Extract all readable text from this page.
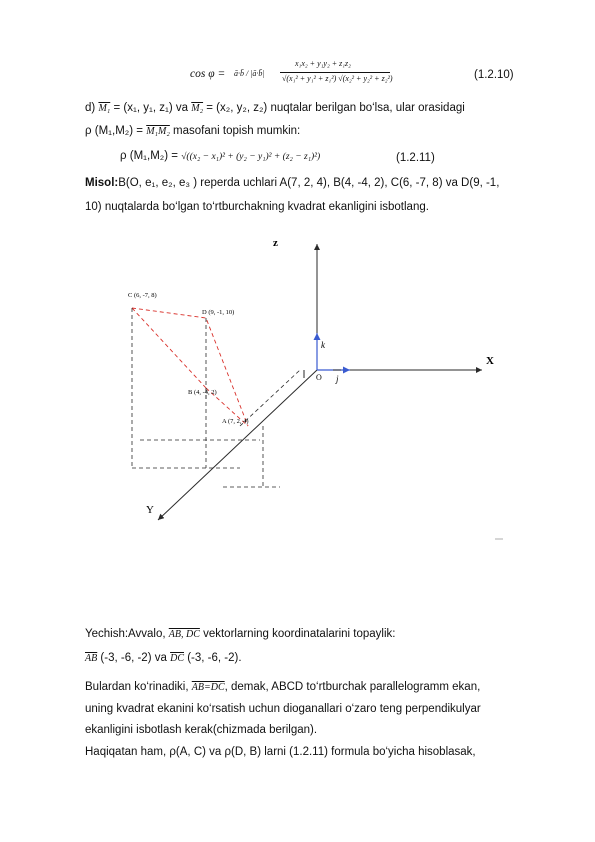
cos φ = ā·b̄ / |ā·b̄|
x₁x₂ + y₁y₂ + z₁z₂
√(x₁² + y₁² + z₁²) √(x₂² + y₂² + z₂²)	(1.2.10)
d) M₁ = (x₁, y₁, z₁) va M₂ = (x₂, y₂, z₂) nuqtalar berilgan bo‘lsa, ular orasidagi
ρ (M₁,M₂) = M₁M₂ masofani topish mumkin:
ρ (M₁,M₂) = √((x₂ − x₁)² + (y₂ − y₁)² + (z₂ − z₁)²)	(1.2.11)
Misol:B(O, e₁, e₂, e₃ ) reperda uchlari A(7, 2, 4), B(4, -4, 2), C(6, -7, 8) va D(9, -1,
10) nuqtalarda bo‘lgan to‘rtburchakning kvadrat ekanligini isbotlang.
z
X
Y
O
k
j
C (6, -7, 8)
D (9, -1, 10)
B (4, -4, 2)
A (7, 2, 4)
Yechish:Avvalo, AB, DC vektorlarning koordinatalarini topaylik:
$\overline{AB}$ (-3, -6, -2) va $\overline{DC}$ (-3, -6, -2).
Bulardan ko‘rinadiki, AB=DC, demak, ABCD to‘rtburchak parallelogramm ekan,
uning kvadrat ekanini ko‘rsatish uchun dioganallari o‘zaro teng perpendikulyar
ekanligini isbotlash kerak(chizmada berilgan).
Haqiqatan ham, ρ(A, C) va ρ(D, B) larni (1.2.11) formula bo‘yicha hisoblasak,
